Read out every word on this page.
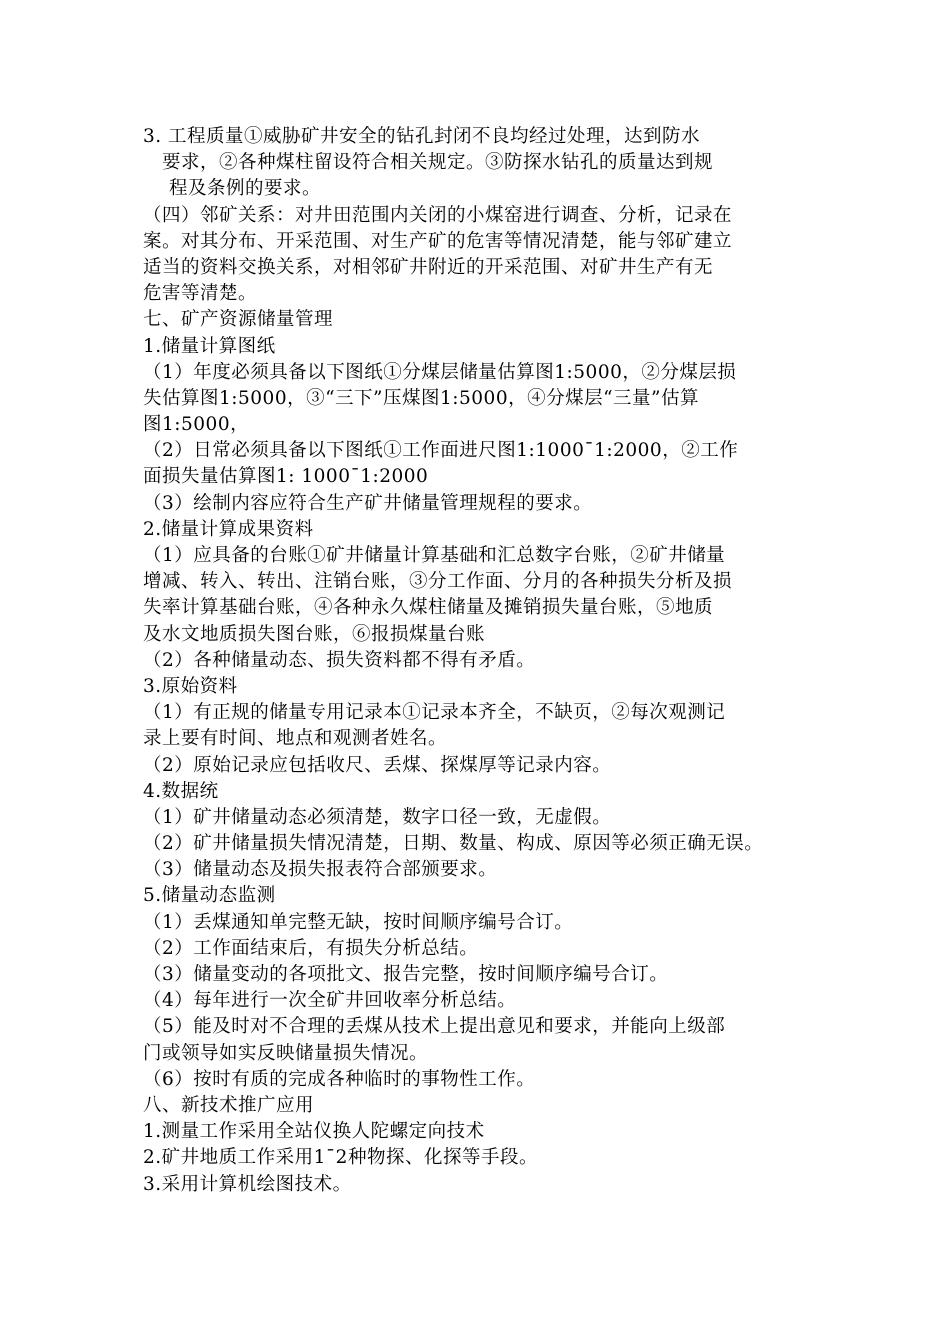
3. 工程质量①威胁矿井安全的钻孔封闭不良均经过处理，达到防水
要求，②各种煤柱留设符合相关规定。③防探水钻孔的质量达到规
程及条例的要求。
（四）邻矿关系：对井田范围内关闭的小煤窑进行调查、分析，记录在
案。对其分布、开采范围、对生产矿的危害等情况清楚，能与邻矿建立
适当的资料交换关系，对相邻矿井附近的开采范围、对矿井生产有无
危害等清楚。
七、矿产资源储量管理
1.储量计算图纸
（1）年度必须具备以下图纸①分煤层储量估算图1:5000，②分煤层损
失估算图1:5000，③“三下”压煤图1:5000，④分煤层“三量”估算
图1:5000，
（2）日常必须具备以下图纸①工作面进尺图1:1000¯1:2000，②工作
面损失量估算图1: 1000¯1:2000
（3）绘制内容应符合生产矿井储量管理规程的要求。
2.储量计算成果资料
（1）应具备的台账①矿井储量计算基础和汇总数字台账，②矿井储量
增减、转入、转出、注销台账，③分工作面、分月的各种损失分析及损
失率计算基础台账，④各种永久煤柱储量及摊销损失量台账，⑤地质
及水文地质损失图台账，⑥报损煤量台账
（2）各种储量动态、损失资料都不得有矛盾。
3.原始资料
（1）有正规的储量专用记录本①记录本齐全，不缺页，②每次观测记
录上要有时间、地点和观测者姓名。
（2）原始记录应包括收尺、丢煤、探煤厚等记录内容。
4.数据统
（1）矿井储量动态必须清楚，数字口径一致，无虚假。
（2）矿井储量损失情况清楚，日期、数量、构成、原因等必须正确无误。
（3）储量动态及损失报表符合部颁要求。
5.储量动态监测
（1）丢煤通知单完整无缺，按时间顺序编号合订。
（2）工作面结束后，有损失分析总结。
（3）储量变动的各项批文、报告完整，按时间顺序编号合订。
（4）每年进行一次全矿井回收率分析总结。
（5）能及时对不合理的丢煤从技术上提出意见和要求，并能向上级部
门或领导如实反映储量损失情况。
（6）按时有质的完成各种临时的事物性工作。
八、新技术推广应用
1.测量工作采用全站仪换人陀螺定向技术
2.矿井地质工作采用1¯2种物探、化探等手段。
3.采用计算机绘图技术。
